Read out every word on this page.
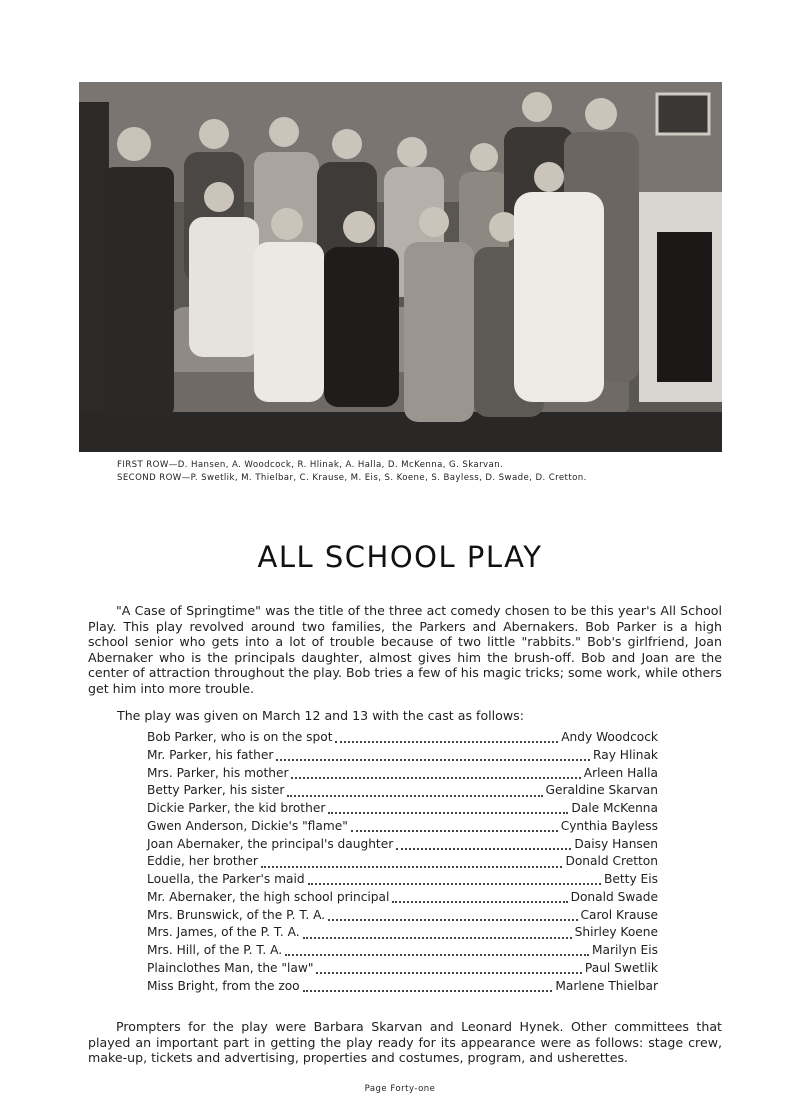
FIRST ROW—D. Hansen, A. Woodcock, R. Hlinak, A. Halla, D. McKenna, G. Skarvan.
SECOND ROW—P. Swetlik, M. Thielbar, C. Krause, M. Eis, S. Koene, S. Bayless, D. Swade, D. Cretton.
ALL SCHOOL PLAY

"A Case of Springtime" was the title of the three act comedy chosen to be this year's All School Play. This play revolved around two families, the Parkers and Abernakers. Bob Parker is a high school senior who gets into a lot of trouble because of two little "rabbits." Bob's girlfriend, Joan Abernaker who is the principals daughter, almost gives him the brush-off. Bob and Joan are the center of attraction throughout the play. Bob tries a few of his magic tricks; some work, while others get him into more trouble.

The play was given on March 12 and 13 with the cast as follows:
Bob Parker, who is on the spot	Andy Woodcock
Mr. Parker, his father	Ray Hlinak
Mrs. Parker, his mother	Arleen Halla
Betty Parker, his sister	Geraldine Skarvan
Dickie Parker, the kid brother	Dale McKenna
Gwen Anderson, Dickie's "flame"	Cynthia Bayless
Joan Abernaker, the principal's daughter	Daisy Hansen
Eddie, her brother	Donald Cretton
Louella, the Parker's maid	Betty Eis
Mr. Abernaker, the high school principal	Donald Swade
Mrs. Brunswick, of the P. T. A.	Carol Krause
Mrs. James, of the P. T. A.	Shirley Koene
Mrs. Hill, of the P. T. A.	Marilyn Eis
Plainclothes Man, the "law"	Paul Swetlik
Miss Bright, from the zoo	Marlene Thielbar

Prompters for the play were Barbara Skarvan and Leonard Hynek. Other committees that played an important part in getting the play ready for its appearance were as follows: stage crew, make-up, tickets and advertising, properties and costumes, program, and usherettes.

Page Forty-one
